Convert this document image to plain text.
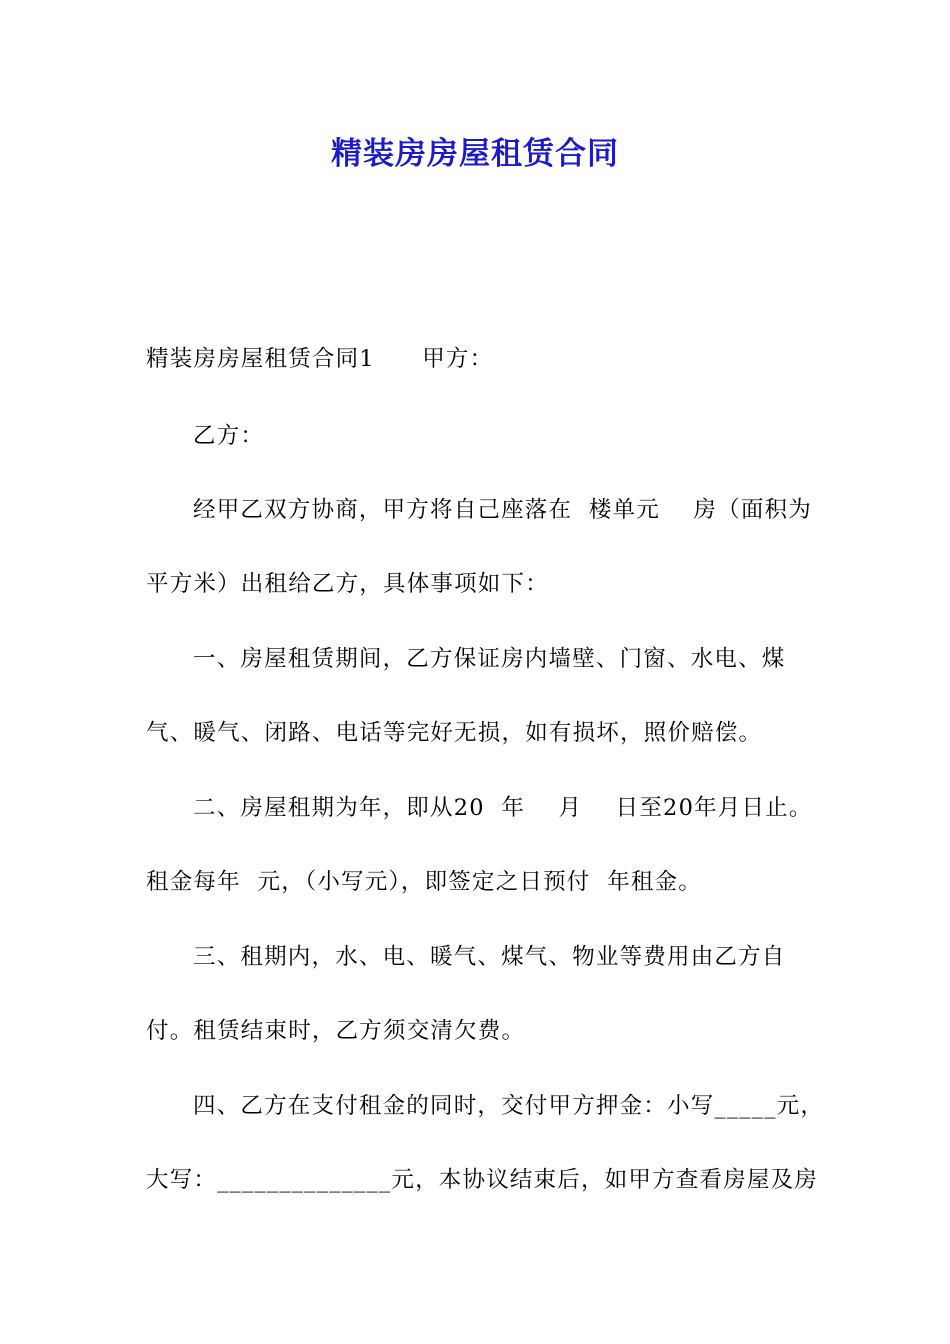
精装房房屋租赁合同
精装房房屋租赁合同1　　甲方：
乙方：
经甲乙双方协商，甲方将自己座落在  楼单元    房（面积为
平方米）出租给乙方，具体事项如下：
一、房屋租赁期间，乙方保证房内墙壁、门窗、水电、煤
气、暖气、闭路、电话等完好无损，如有损坏，照价赔偿。
二、房屋租期为年，即从20  年    月    日至20年月日止。
租金每年  元，（小写元），即签定之日预付  年租金。
三、租期内，水、电、暖气、煤气、物业等费用由乙方自
付。租赁结束时，乙方须交清欠费。
四、乙方在支付租金的同时，交付甲方押金：小写_____元，
大写：______________元，本协议结束后，如甲方查看房屋及房
